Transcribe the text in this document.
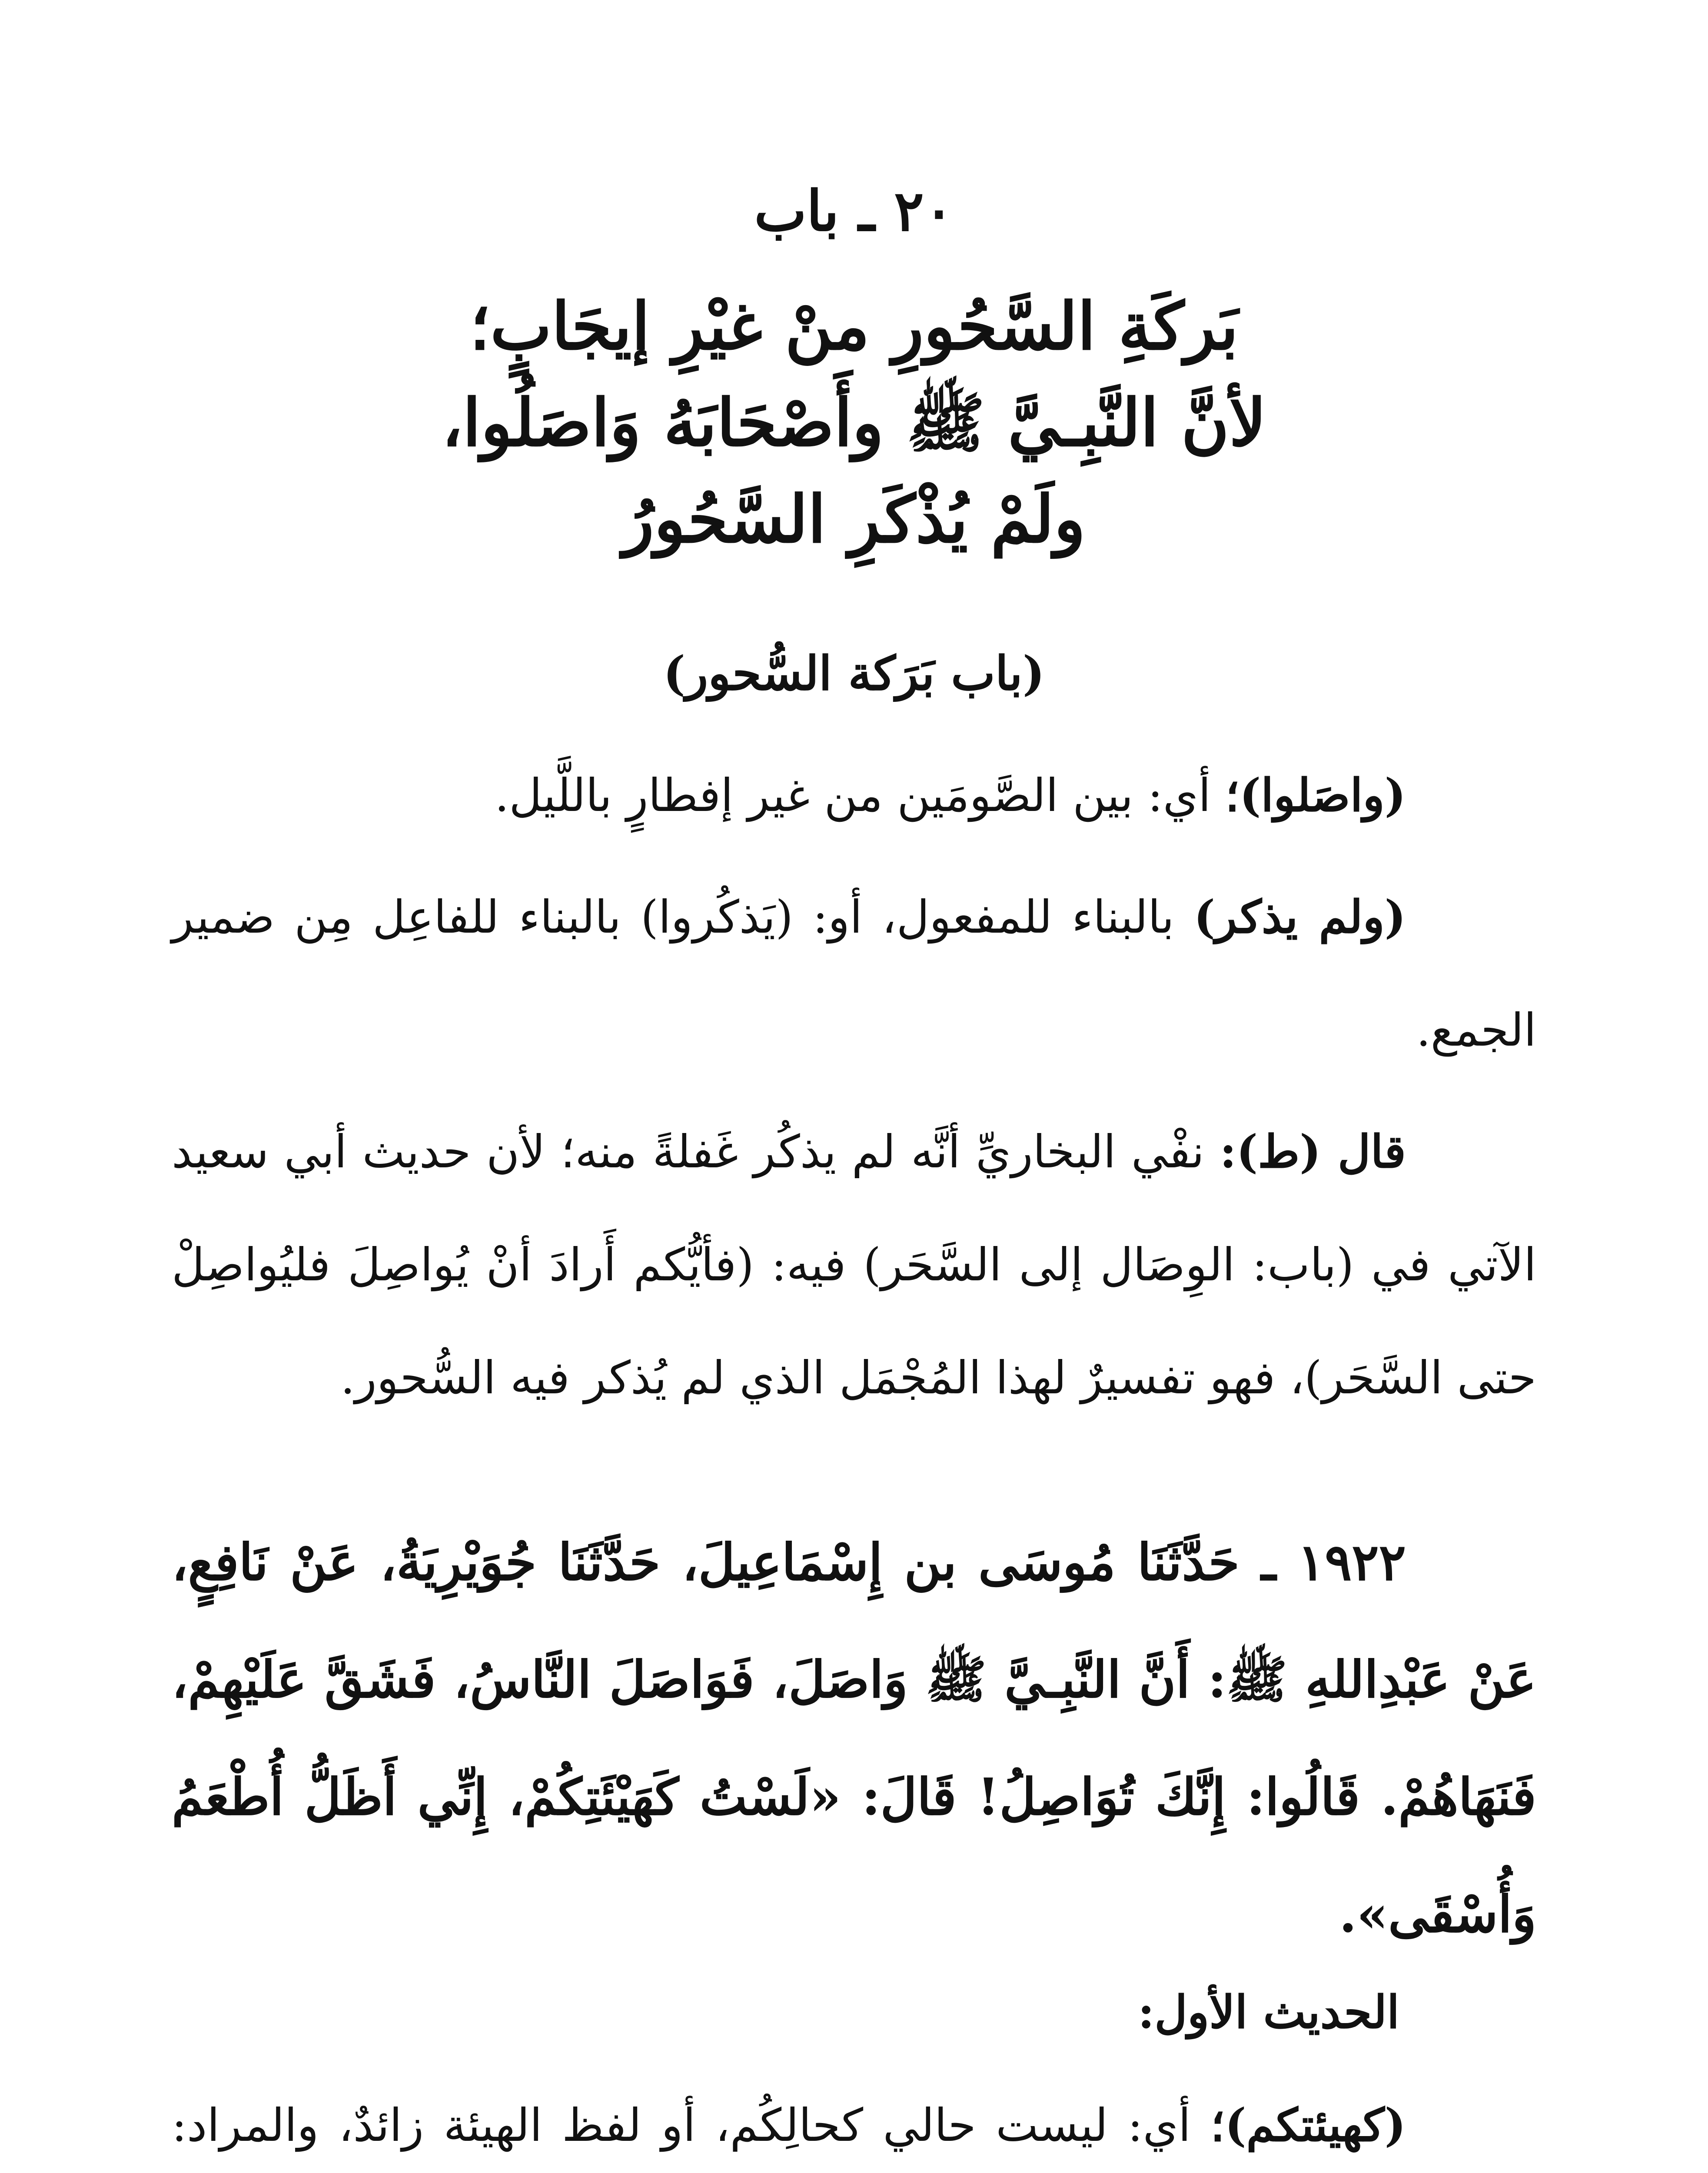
٢٠ ـ باب
بَركَةِ السَّحُورِ منْ غيْرِ إيجَابٍ؛
لأنَّ النَّبِـيَّ ﷺ وأَصْحَابَهُ وَاصَلُوا،
ولَمْ يُذْكَرِ السَّحُورُ
(باب بَرَكة السُّحور)

(واصَلوا)؛ أي: بين الصَّومَين من غير إفطارٍ باللَّيل.

(ولم يذكر) بالبناء للمفعول، أو: (يَذكُروا) بالبناء للفاعِل مِن ضمير الجمع.

قال (ط): نفْي البخاريِّ أنَّه لم يذكُر غَفلةً منه؛ لأن حديث أبي سعيد الآتي في (باب: الوِصَال إلى السَّحَر) فيه: (فأيُّكم أَرادَ أنْ يُواصِلَ فليُواصِلْ حتى السَّحَر)، فهو تفسيرٌ لهذا المُجْمَل الذي لم يُذكر فيه السُّحور.

١٩٢٢ ـ حَدَّثَنَا مُوسَى بن إِسْمَاعِيلَ، حَدَّثَنَا جُوَيْرِيَةُ، عَنْ نَافِعٍ، عَنْ عَبْدِاللهِ ﷺ: أَنَّ النَّبِـيَّ ﷺ وَاصَلَ، فَوَاصَلَ النَّاسُ، فَشَقَّ عَلَيْهِمْ، فَنَهَاهُمْ. قَالُوا: إِنَّكَ تُوَاصِلُ! قَالَ: «لَسْتُ كَهَيْئَتِكُمْ، إِنِّي أَظَلُّ أُطْعَمُ وَأُسْقَى».

الحديث الأول:

(كهيئتكم)؛ أي: ليست حالي كحالِكُم، أو لفظ الهيئة زائدٌ، والمراد:
